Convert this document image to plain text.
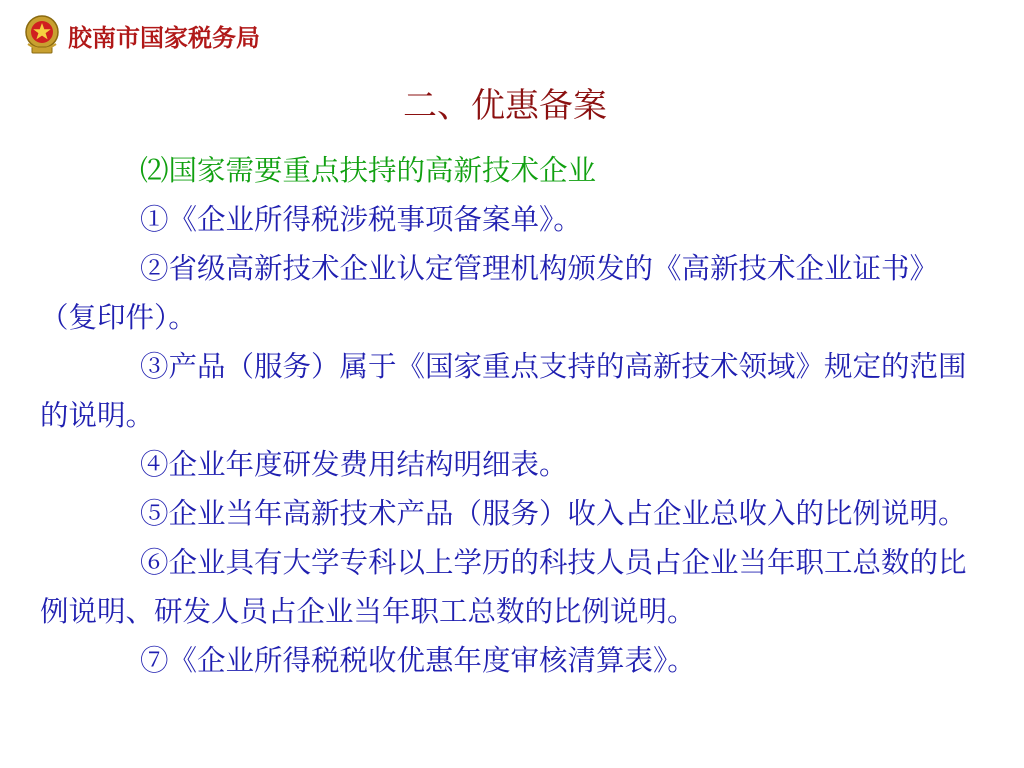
胶南市国家税务局
二、优惠备案

⑵国家需要重点扶持的高新技术企业

①《企业所得税涉税事项备案单》。

②省级高新技术企业认定管理机构颁发的《高新技术企业证书》（复印件）。

③产品（服务）属于《国家重点支持的高新技术领域》规定的范围的说明。

④企业年度研发费用结构明细表。

⑤企业当年高新技术产品（服务）收入占企业总收入的比例说明。

⑥企业具有大学专科以上学历的科技人员占企业当年职工总数的比例说明、研发人员占企业当年职工总数的比例说明。

⑦《企业所得税税收优惠年度审核清算表》。
